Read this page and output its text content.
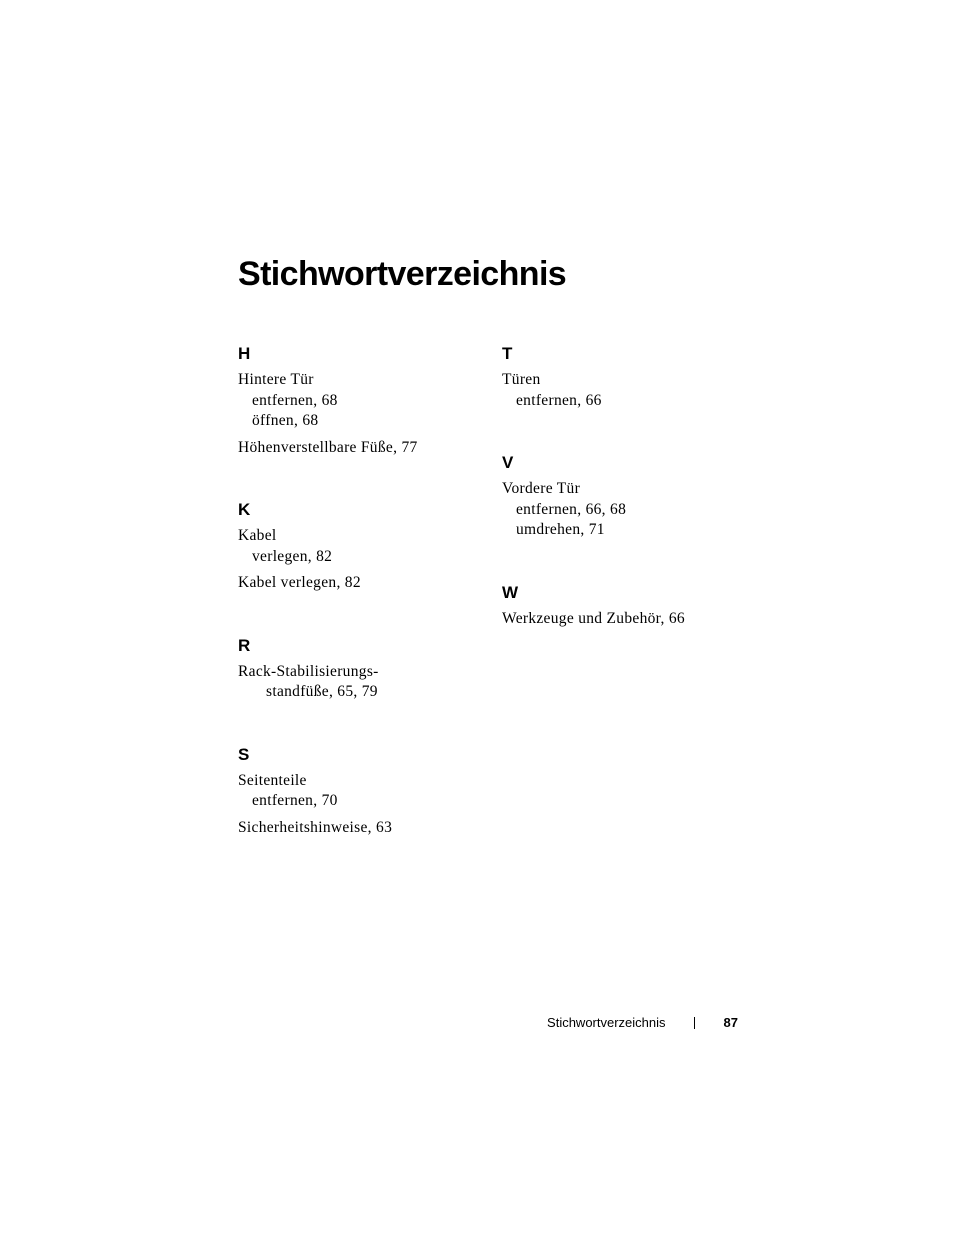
Stichwortverzeichnis
H
Hintere Tür
entfernen, 68
öffnen, 68
Höhenverstellbare Füße, 77
K
Kabel
verlegen, 82
Kabel verlegen, 82
R
Rack-Stabilisierungs-
standfüße, 65, 79
S
Seitenteile
entfernen, 70
Sicherheitshinweise, 63
T
Türen
entfernen, 66
V
Vordere Tür
entfernen, 66, 68
umdrehen, 71
W
Werkzeuge und Zubehör, 66
Stichwortverzeichnis	87
